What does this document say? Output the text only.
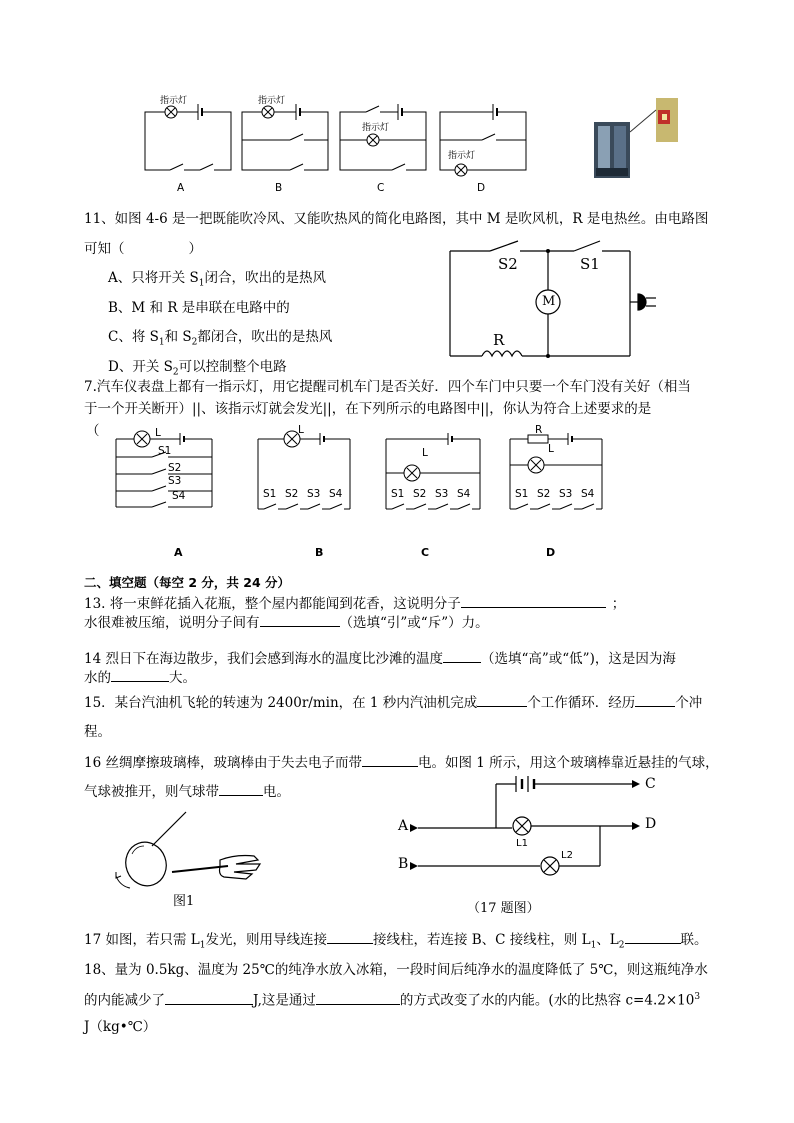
指示灯	指示灯
指示灯
指示灯
A	B	C	D
11、如图 4-6 是一把既能吹冷风、又能吹热风的简化电路图，其中 M 是吹风机，R 是电热丝。由电路图
可知（	）
A、只将开关 $S_1$闭合，吹出的是热风
B、M 和 R 是串联在电路中的
C、将 $S_1$和 $S_2$都闭合，吹出的是热风
D、开关 $S_2$可以控制整个电路
S2	S1
M
R
7.汽车仪表盘上都有一指示灯，用它提醒司机车门是否关好．四个车门中只要一个车门没有关好（相当
于一个开关断开）||、该指示灯就会发光||，在下列所示的电路图中||，你认为符合上述要求的是
（	L
S1
S2
S3
S4
L
S1 S2 S3 S4
L
S1 S2 S3 S4
R
L
S1 S2 S3 S4
A	B	C	D
二、填空题（每空 2 分，共 24 分）
13. 将一束鲜花插入花瓶，整个屋内都能闻到花香，这说明分子	；
水很难被压缩，说明分子间有	（选填“引”或“斥”）力。
14 烈日下在海边散步，我们会感到海水的温度比沙滩的温度	（选填“高”或“低”)，这是因为海
水的	大。
15．某台汽油机飞轮的转速为 2400r/min，在 1 秒内汽油机完成	个工作循环．经历	个冲
程。
16 丝绸摩擦玻璃棒，玻璃棒由于失去电子而带	电。如图 1 所示，用这个玻璃棒靠近悬挂的气球，
气球被推开，则气球带	电。
图1
C
A	D
L1
L2
B
（17 题图）
17 如图，若只需 $L_1$发光，则用导线连接	接线柱，若连接 B、C 接线柱，则 $L_1$、$L_2$	联。
18、量为 0.5kg、温度为 25℃的纯净水放入冰箱，一段时间后纯净水的温度降低了 5℃，则这瓶纯净水
的内能减少了	J,这是通过	的方式改变了水的内能。(水的比热容 $c=4.2\times 10^3$
J（kg•℃）
